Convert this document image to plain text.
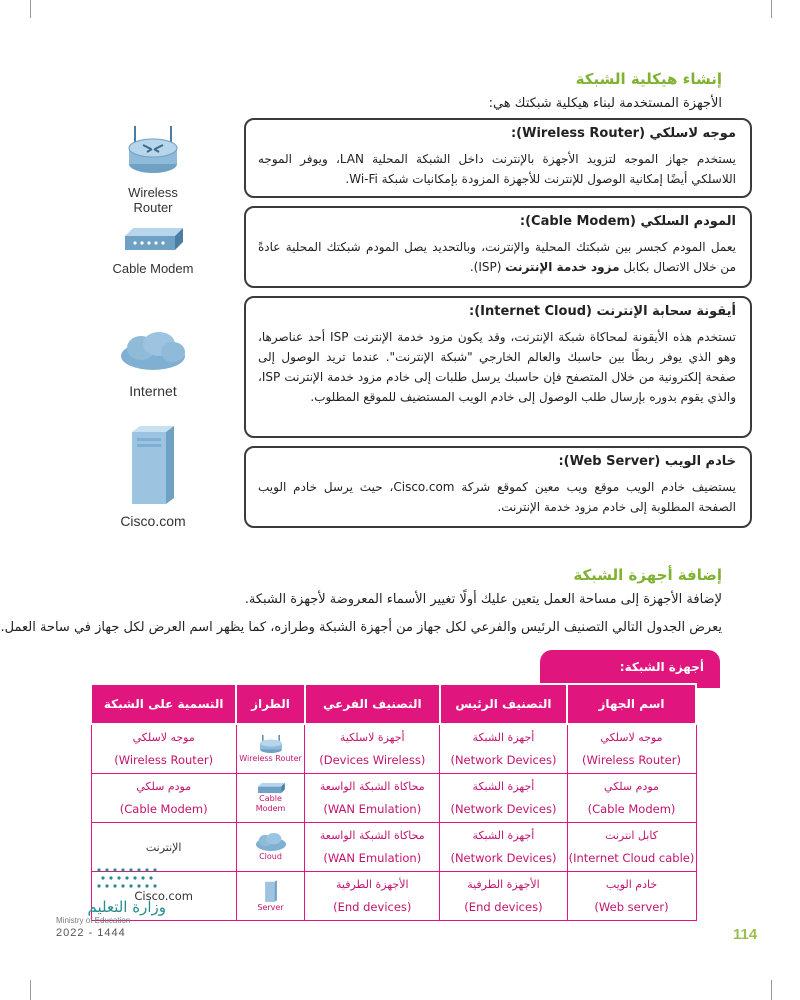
إنشاء هيكلية الشبكة

الأجهزة المستخدمة لبناء هيكلية شبكتك هي:

Wireless Router
Cable Modem
Internet
Cisco.com
موجه لاسلكي (Wireless Router):
يستخدم جهاز الموجه لتزويد الأجهزة بالإنترنت داخل الشبكة المحلية LAN، ويوفر الموجه اللاسلكي أيضًا إمكانية الوصول للإنترنت للأجهزة المزودة بإمكانيات شبكة Wi-Fi.
المودم السلكي (Cable Modem):
يعمل المودم كجسر بين شبكتك المحلية والإنترنت، وبالتحديد يصل المودم شبكتك المحلية عادةً من خلال الاتصال بكابل مزود خدمة الإنترنت (ISP).
أيقونة سحابة الإنترنت (Internet Cloud):
تستخدم هذه الأيقونة لمحاكاة شبكة الإنترنت، وقد يكون مزود خدمة الإنترنت ISP أحد عناصرها، وهو الذي يوفر ربطًا بين حاسبك والعالم الخارجي "شبكة الإنترنت". عندما تريد الوصول إلى صفحة إلكترونية من خلال المتصفح فإن حاسبك يرسل طلبات إلى خادم مزود خدمة الإنترنت ISP، والذي يقوم بدوره بإرسال طلب الوصول إلى خادم الويب المستضيف للموقع المطلوب.
خادم الويب (Web Server):
يستضيف خادم الويب موقع ويب معين كموقع شركة Cisco.com، حيث يرسل خادم الويب الصفحة المطلوبة إلى خادم مزود خدمة الإنترنت.
إضافة أجهزة الشبكة

لإضافة الأجهزة إلى مساحة العمل يتعين عليك أولًا تغيير الأسماء المعروضة لأجهزة الشبكة.

يعرض الجدول التالي التصنيف الرئيس والفرعي لكل جهاز من أجهزة الشبكة وطرازه، كما يظهر اسم العرض لكل جهاز في ساحة العمل.

أجهزة الشبكة:
اسم الجهاز	التصنيف الرئيس	التصنيف الفرعي	الطراز	التسمية على الشبكة

موجه لاسلكي
(Wireless Router)	أجهزة الشبكة
(Network Devices)	أجهزة لاسلكية
(Devices Wireless)	Wireless Router	موجه لاسلكي
(Wireless Router)

مودم سلكي
(Cable Modem)	أجهزة الشبكة
(Network Devices)	محاكاة الشبكة الواسعة
(WAN Emulation)	Cable Modem	مودم سلكي
(Cable Modem)

كابل انترنت
(Internet Cloud cable)	أجهزة الشبكة
(Network Devices)	محاكاة الشبكة الواسعة
(WAN Emulation)	Cloud	الإنترنت

خادم الويب
(Web server)	الأجهزة الطرفية
(End devices)	الأجهزة الطرفية
(End devices)	Server	Cisco.com
وزارة التعليم
Ministry of Education
2022 - 1444	114
